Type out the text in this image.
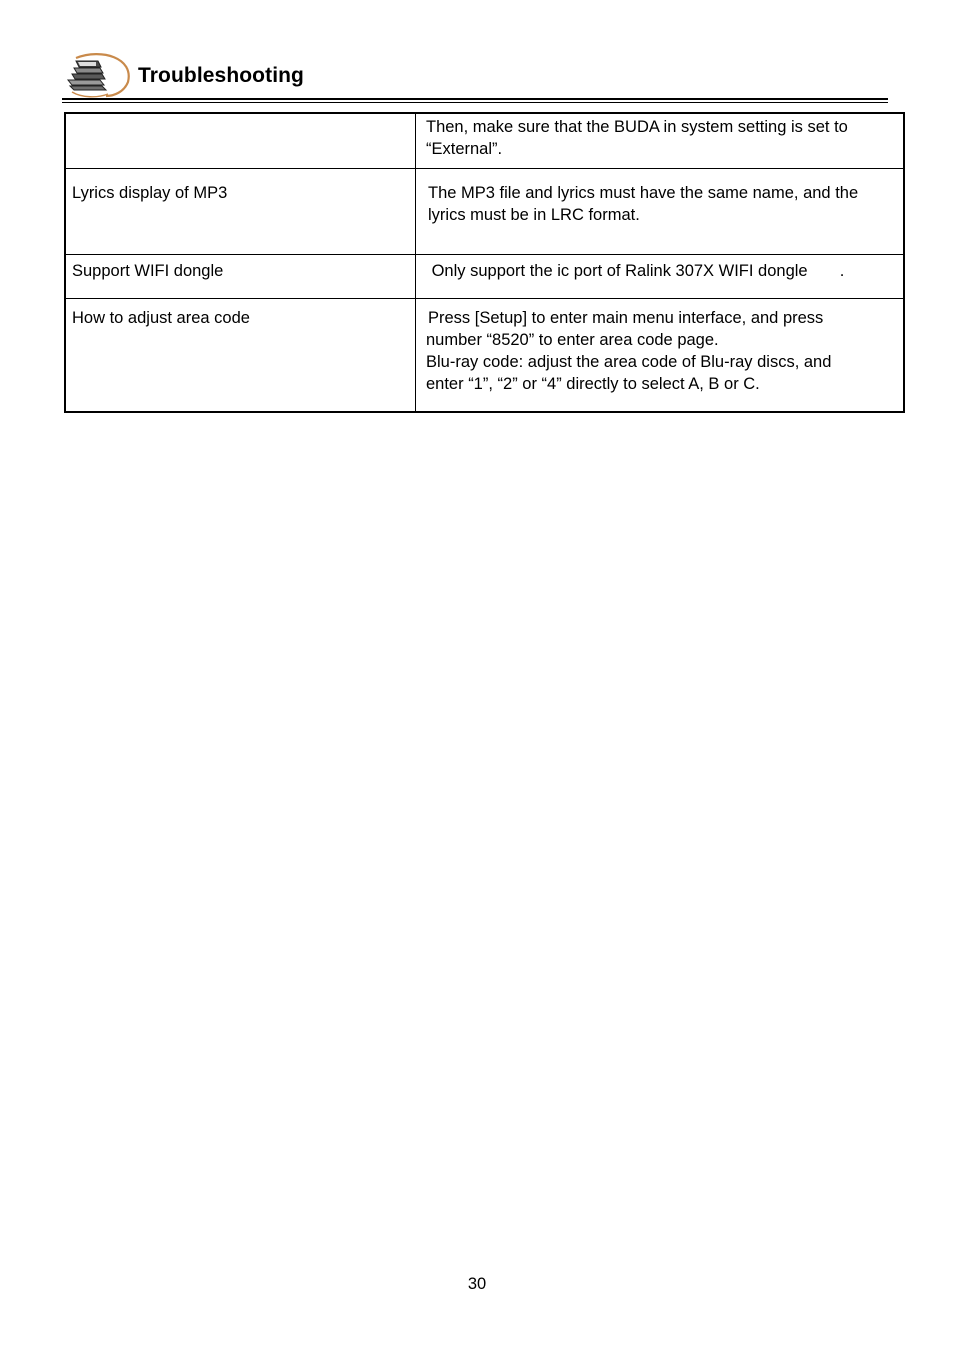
Troubleshooting

	Then, make sure that the BUDA in system setting is set to
“External”.

Lyrics display of MP3	The MP3 file and lyrics must have the same name, and the
lyrics must be in LRC format.

Support WIFI dongle	Only support the ic port of Ralink 307X WIFI dongle       .

How to adjust area code	Press [Setup] to enter main menu interface, and press
number “8520” to enter area code page.
Blu-ray code: adjust the area code of Blu-ray discs, and
enter “1”, “2” or “4” directly to select A, B or C.
30
